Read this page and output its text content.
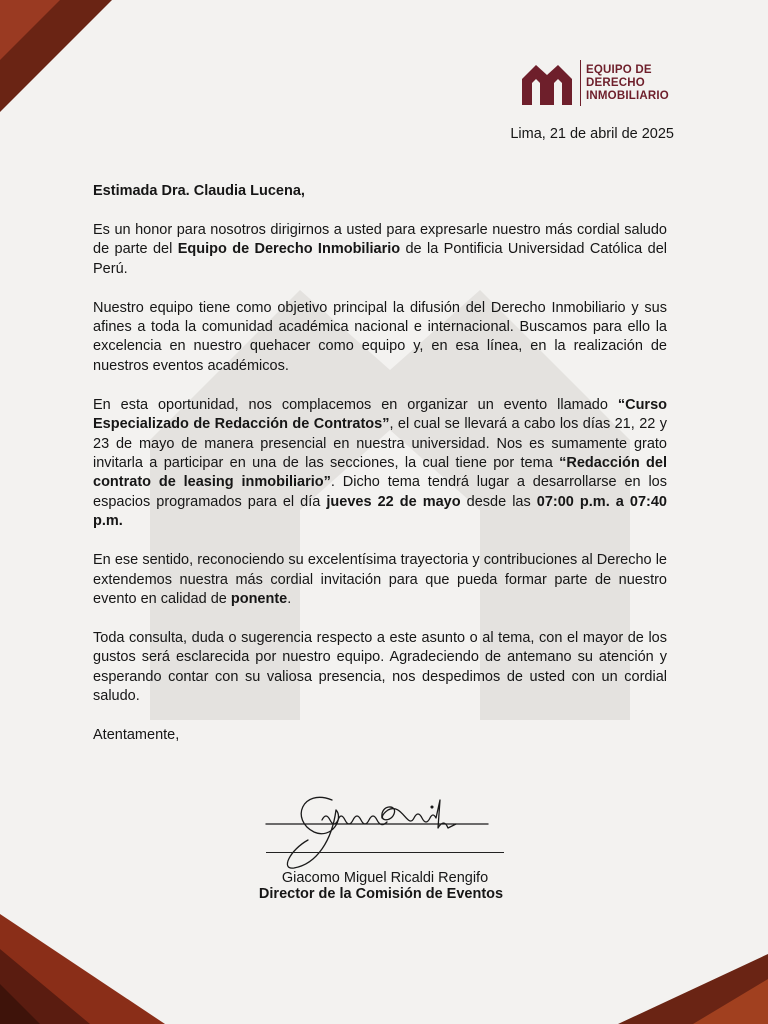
EQUIPO DE
DERECHO
INMOBILIARIO
Lima, 21 de abril de 2025

Estimada Dra. Claudia Lucena,

Es un honor para nosotros dirigirnos a usted para expresarle nuestro más cordial saludo de parte del Equipo de Derecho Inmobiliario de la Pontificia Universidad Católica del Perú.

Nuestro equipo tiene como objetivo principal la difusión del Derecho Inmobiliario y sus afines a toda la comunidad académica nacional e internacional. Buscamos para ello la excelencia en nuestro quehacer como equipo y, en esa línea, en la realización de nuestros eventos académicos.

En esta oportunidad, nos complacemos en organizar un evento llamado “Curso Especializado de Redacción de Contratos”, el cual se llevará a cabo los días 21, 22 y 23 de mayo de manera presencial en nuestra universidad. Nos es sumamente grato invitarla a participar en una de las secciones, la cual tiene por tema “Redacción del contrato de leasing inmobiliario”. Dicho tema tendrá lugar a desarrollarse en los espacios programados para el día jueves 22 de mayo desde las 07:00 p.m. a 07:40 p.m.

En ese sentido, reconociendo su excelentísima trayectoria y contribuciones al Derecho le extendemos nuestra más cordial invitación para que pueda formar parte de nuestro evento en calidad de ponente.

Toda consulta, duda o sugerencia respecto a este asunto o al tema, con el mayor de los gustos será esclarecida por nuestro equipo. Agradeciendo de antemano su atención y esperando contar con su valiosa presencia, nos despedimos de usted con un cordial saludo.

Atentamente,

Giacomo Miguel Ricaldi Rengifo
Director de la Comisión de Eventos
